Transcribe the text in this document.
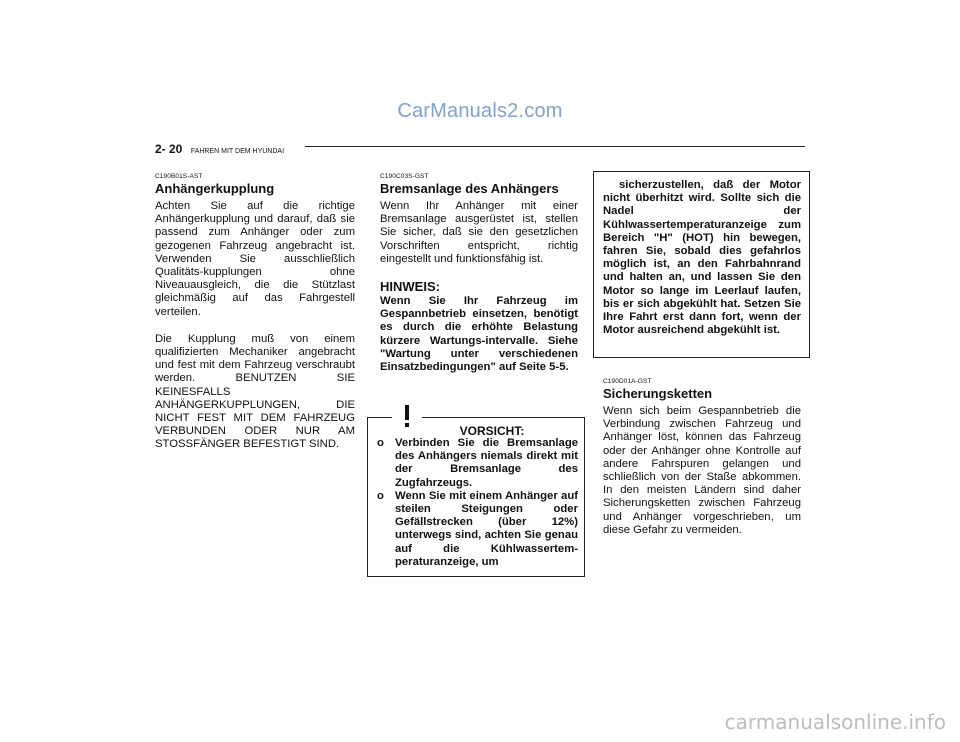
CarManuals2.com
2- 20 FAHREN MIT DEM HYUNDAI
C190B01S-AST
Anhängerkupplung
Achten Sie auf die richtige Anhängerkupplung und darauf, daß sie passend zum Anhänger oder zum gezogenen Fahrzeug angebracht ist. Verwenden Sie ausschließlich Qualitäts-kupplungen ohne Niveauausgleich, die die Stützlast gleichmäßig auf das Fahrgestell verteilen.
Die Kupplung muß von einem qualifizierten Mechaniker angebracht und fest mit dem Fahrzeug verschraubt werden. BENUTZEN SIE KEINESFALLS ANHÄNGERKUPPLUNGEN, DIE NICHT FEST MIT DEM FAHRZEUG VERBUNDEN ODER NUR AM STOSSFÄNGER BEFESTIGT SIND.
C190C03S-GST
Bremsanlage des Anhängers
Wenn Ihr Anhänger mit einer Bremsanlage ausgerüstet ist, stellen Sie sicher, daß sie den gesetzlichen Vorschriften entspricht, richtig eingestellt und funktionsfähig ist.
HINWEIS:
Wenn Sie Ihr Fahrzeug im Gespannbetrieb einsetzen, benötigt es durch die erhöhte Belastung kürzere Wartungs-intervalle. Siehe "Wartung unter verschiedenen Einsatzbedingungen" auf Seite 5-5.
VORSICHT:
o Verbinden Sie die Bremsanlage des Anhängers niemals direkt mit der Bremsanlage des Zugfahrzeugs.
o Wenn Sie mit einem Anhänger auf steilen Steigungen oder Gefällstrecken (über 12%) unterwegs sind, achten Sie genau auf die Kühlwassertem-peraturanzeige, um
sicherzustellen, daß der Motor nicht überhitzt wird. Sollte sich die Nadel der Kühlwassertemperaturanzeige zum Bereich "H" (HOT) hin bewegen, fahren Sie, sobald dies gefahrlos möglich ist, an den Fahrbahnrand und halten an, und lassen Sie den Motor so lange im Leerlauf laufen, bis er sich abgekühlt hat. Setzen Sie Ihre Fahrt erst dann fort, wenn der Motor ausreichend abgekühlt ist.
C190D01A-GST
Sicherungsketten
Wenn sich beim Gespannbetrieb die Verbindung zwischen Fahrzeug und Anhänger löst, können das Fahrzeug oder der Anhänger ohne Kontrolle auf andere Fahrspuren gelangen und schließlich von der Staße abkommen. In den meisten Ländern sind daher Sicherungsketten zwischen Fahrzeug und Anhänger vorgeschrieben, um diese Gefahr zu vermeiden.
carmanualsonline.info
